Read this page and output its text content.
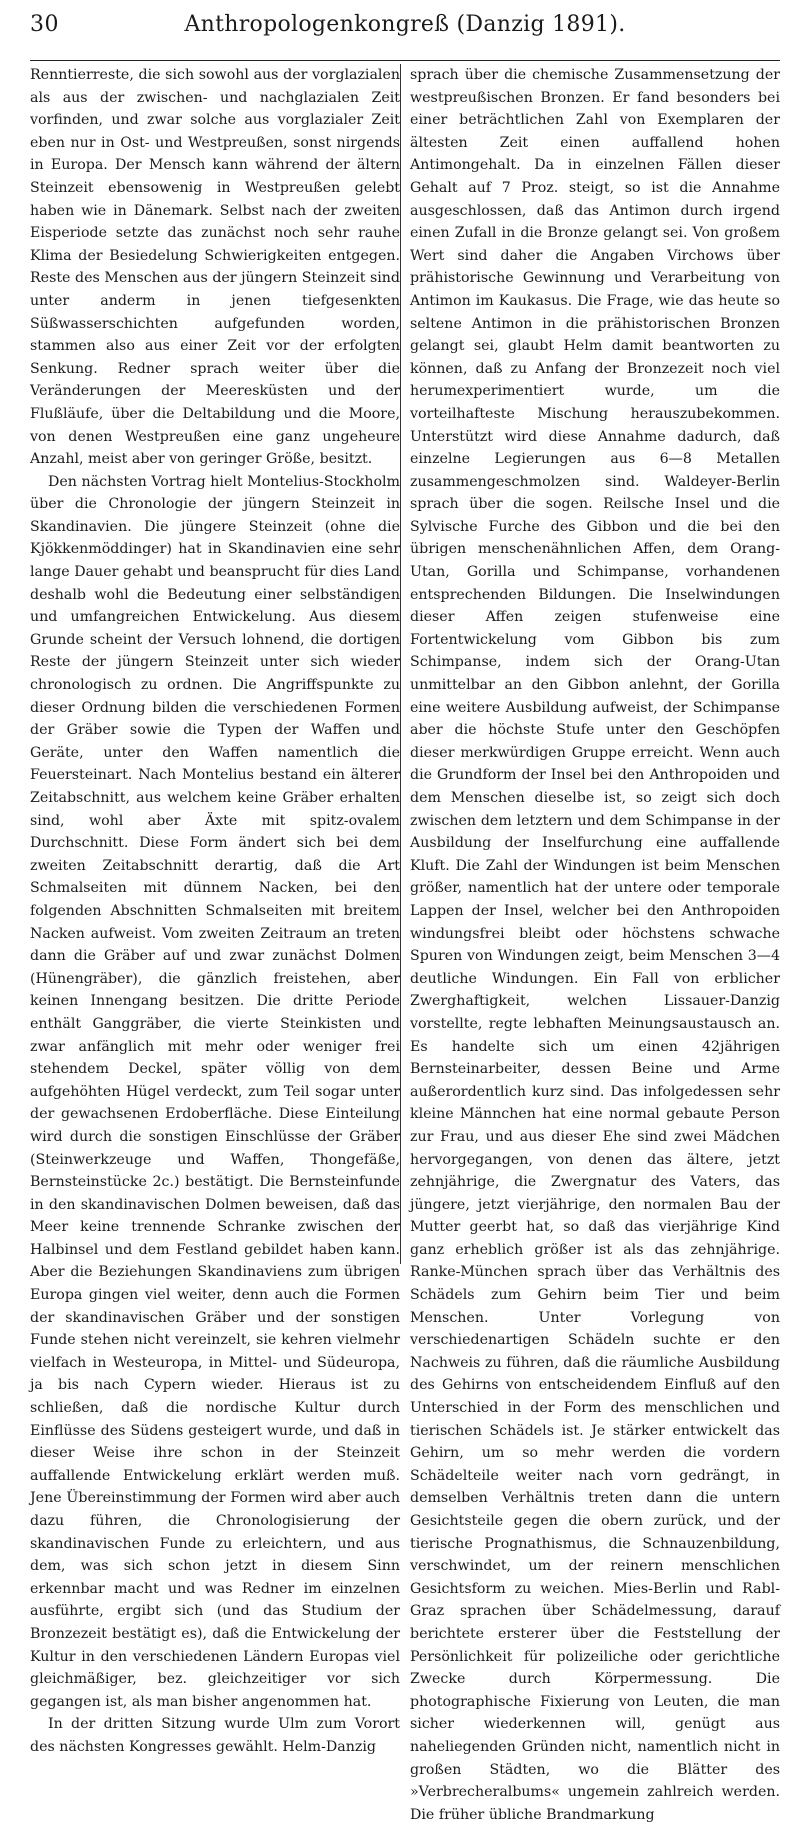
30	Anthropologenkongreß (Danzig 1891).

Renntierreste, die sich sowohl aus der vorglazialen als aus der zwischen- und nachglazialen Zeit vorfinden, und zwar solche aus vorglazialer Zeit eben nur in Ost- und Westpreußen, sonst nirgends in Europa. Der Mensch kann während der ältern Steinzeit ebensowenig in Westpreußen gelebt haben wie in Dänemark. Selbst nach der zweiten Eisperiode setzte das zunächst noch sehr rauhe Klima der Besiedelung Schwierigkeiten entgegen. Reste des Menschen aus der jüngern Steinzeit sind unter anderm in jenen tiefgesenkten Süßwasserschichten aufgefunden worden, stammen also aus einer Zeit vor der erfolgten Senkung. Redner sprach weiter über die Veränderungen der Meeresküsten und der Flußläufe, über die Deltabildung und die Moore, von denen Westpreußen eine ganz ungeheure Anzahl, meist aber von geringer Größe, besitzt.

Den nächsten Vortrag hielt Montelius-Stockholm über die Chronologie der jüngern Steinzeit in Skandinavien. Die jüngere Steinzeit (ohne die Kjökkenmöddinger) hat in Skandinavien eine sehr lange Dauer gehabt und beansprucht für dies Land deshalb wohl die Bedeutung einer selbständigen und umfangreichen Entwickelung. Aus diesem Grunde scheint der Versuch lohnend, die dortigen Reste der jüngern Steinzeit unter sich wieder chronologisch zu ordnen. Die Angriffspunkte zu dieser Ordnung bilden die verschiedenen Formen der Gräber sowie die Typen der Waffen und Geräte, unter den Waffen namentlich die Feuersteinart. Nach Montelius bestand ein älterer Zeitabschnitt, aus welchem keine Gräber erhalten sind, wohl aber Äxte mit spitz-ovalem Durchschnitt. Diese Form ändert sich bei dem zweiten Zeitabschnitt derartig, daß die Art Schmalseiten mit dünnem Nacken, bei den folgenden Abschnitten Schmalseiten mit breitem Nacken aufweist. Vom zweiten Zeitraum an treten dann die Gräber auf und zwar zunächst Dolmen (Hünengräber), die gänzlich freistehen, aber keinen Innengang besitzen. Die dritte Periode enthält Ganggräber, die vierte Steinkisten und zwar anfänglich mit mehr oder weniger frei stehendem Deckel, später völlig von dem aufgehöhten Hügel verdeckt, zum Teil sogar unter der gewachsenen Erdoberfläche. Diese Einteilung wird durch die sonstigen Einschlüsse der Gräber (Steinwerkzeuge und Waffen, Thongefäße, Bernsteinstücke 2c.) bestätigt. Die Bernsteinfunde in den skandinavischen Dolmen beweisen, daß das Meer keine trennende Schranke zwischen der Halbinsel und dem Festland gebildet haben kann. Aber die Beziehungen Skandinaviens zum übrigen Europa gingen viel weiter, denn auch die Formen der skandinavischen Gräber und der sonstigen Funde stehen nicht vereinzelt, sie kehren vielmehr vielfach in Westeuropa, in Mittel- und Südeuropa, ja bis nach Cypern wieder. Hieraus ist zu schließen, daß die nordische Kultur durch Einflüsse des Südens gesteigert wurde, und daß in dieser Weise ihre schon in der Steinzeit auffallende Entwickelung erklärt werden muß. Jene Übereinstimmung der Formen wird aber auch dazu führen, die Chronologisierung der skandinavischen Funde zu erleichtern, und aus dem, was sich schon jetzt in diesem Sinn erkennbar macht und was Redner im einzelnen ausführte, ergibt sich (und das Studium der Bronzezeit bestätigt es), daß die Entwickelung der Kultur in den verschiedenen Ländern Europas viel gleichmäßiger, bez. gleichzeitiger vor sich gegangen ist, als man bisher angenommen hat.

In der dritten Sitzung wurde Ulm zum Vorort des nächsten Kongresses gewählt. Helm-Danzig

sprach über die chemische Zusammensetzung der westpreußischen Bronzen. Er fand besonders bei einer beträchtlichen Zahl von Exemplaren der ältesten Zeit einen auffallend hohen Antimongehalt. Da in einzelnen Fällen dieser Gehalt auf 7 Proz. steigt, so ist die Annahme ausgeschlossen, daß das Antimon durch irgend einen Zufall in die Bronze gelangt sei. Von großem Wert sind daher die Angaben Virchows über prähistorische Gewinnung und Verarbeitung von Antimon im Kaukasus. Die Frage, wie das heute so seltene Antimon in die prähistorischen Bronzen gelangt sei, glaubt Helm damit beantworten zu können, daß zu Anfang der Bronzezeit noch viel herumexperimentiert wurde, um die vorteilhafteste Mischung herauszubekommen. Unterstützt wird diese Annahme dadurch, daß einzelne Legierungen aus 6—8 Metallen zusammengeschmolzen sind. Waldeyer-Berlin sprach über die sogen. Reilsche Insel und die Sylvische Furche des Gibbon und die bei den übrigen menschenähnlichen Affen, dem Orang-Utan, Gorilla und Schimpanse, vorhandenen entsprechenden Bildungen. Die Inselwindungen dieser Affen zeigen stufenweise eine Fortentwickelung vom Gibbon bis zum Schimpanse, indem sich der Orang-Utan unmittelbar an den Gibbon anlehnt, der Gorilla eine weitere Ausbildung aufweist, der Schimpanse aber die höchste Stufe unter den Geschöpfen dieser merkwürdigen Gruppe erreicht. Wenn auch die Grundform der Insel bei den Anthropoiden und dem Menschen dieselbe ist, so zeigt sich doch zwischen dem letztern und dem Schimpanse in der Ausbildung der Inselfurchung eine auffallende Kluft. Die Zahl der Windungen ist beim Menschen größer, namentlich hat der untere oder temporale Lappen der Insel, welcher bei den Anthropoiden windungsfrei bleibt oder höchstens schwache Spuren von Windungen zeigt, beim Menschen 3—4 deutliche Windungen. Ein Fall von erblicher Zwerghaftigkeit, welchen Lissauer-Danzig vorstellte, regte lebhaften Meinungsaustausch an. Es handelte sich um einen 42jährigen Bernsteinarbeiter, dessen Beine und Arme außerordentlich kurz sind. Das infolgedessen sehr kleine Männchen hat eine normal gebaute Person zur Frau, und aus dieser Ehe sind zwei Mädchen hervorgegangen, von denen das ältere, jetzt zehnjährige, die Zwergnatur des Vaters, das jüngere, jetzt vierjährige, den normalen Bau der Mutter geerbt hat, so daß das vierjährige Kind ganz erheblich größer ist als das zehnjährige. Ranke-München sprach über das Verhältnis des Schädels zum Gehirn beim Tier und beim Menschen. Unter Vorlegung von verschiedenartigen Schädeln suchte er den Nachweis zu führen, daß die räumliche Ausbildung des Gehirns von entscheidendem Einfluß auf den Unterschied in der Form des menschlichen und tierischen Schädels ist. Je stärker entwickelt das Gehirn, um so mehr werden die vordern Schädelteile weiter nach vorn gedrängt, in demselben Verhältnis treten dann die untern Gesichtsteile gegen die obern zurück, und der tierische Prognathismus, die Schnauzenbildung, verschwindet, um der reinern menschlichen Gesichtsform zu weichen. Mies-Berlin und Rabl-Graz sprachen über Schädelmessung, darauf berichtete ersterer über die Feststellung der Persönlichkeit für polizeiliche oder gerichtliche Zwecke durch Körpermessung. Die photographische Fixierung von Leuten, die man sicher wiederkennen will, genügt aus naheliegenden Gründen nicht, namentlich nicht in großen Städten, wo die Blätter des »Verbrecheralbums« ungemein zahlreich werden. Die früher übliche Brandmarkung
